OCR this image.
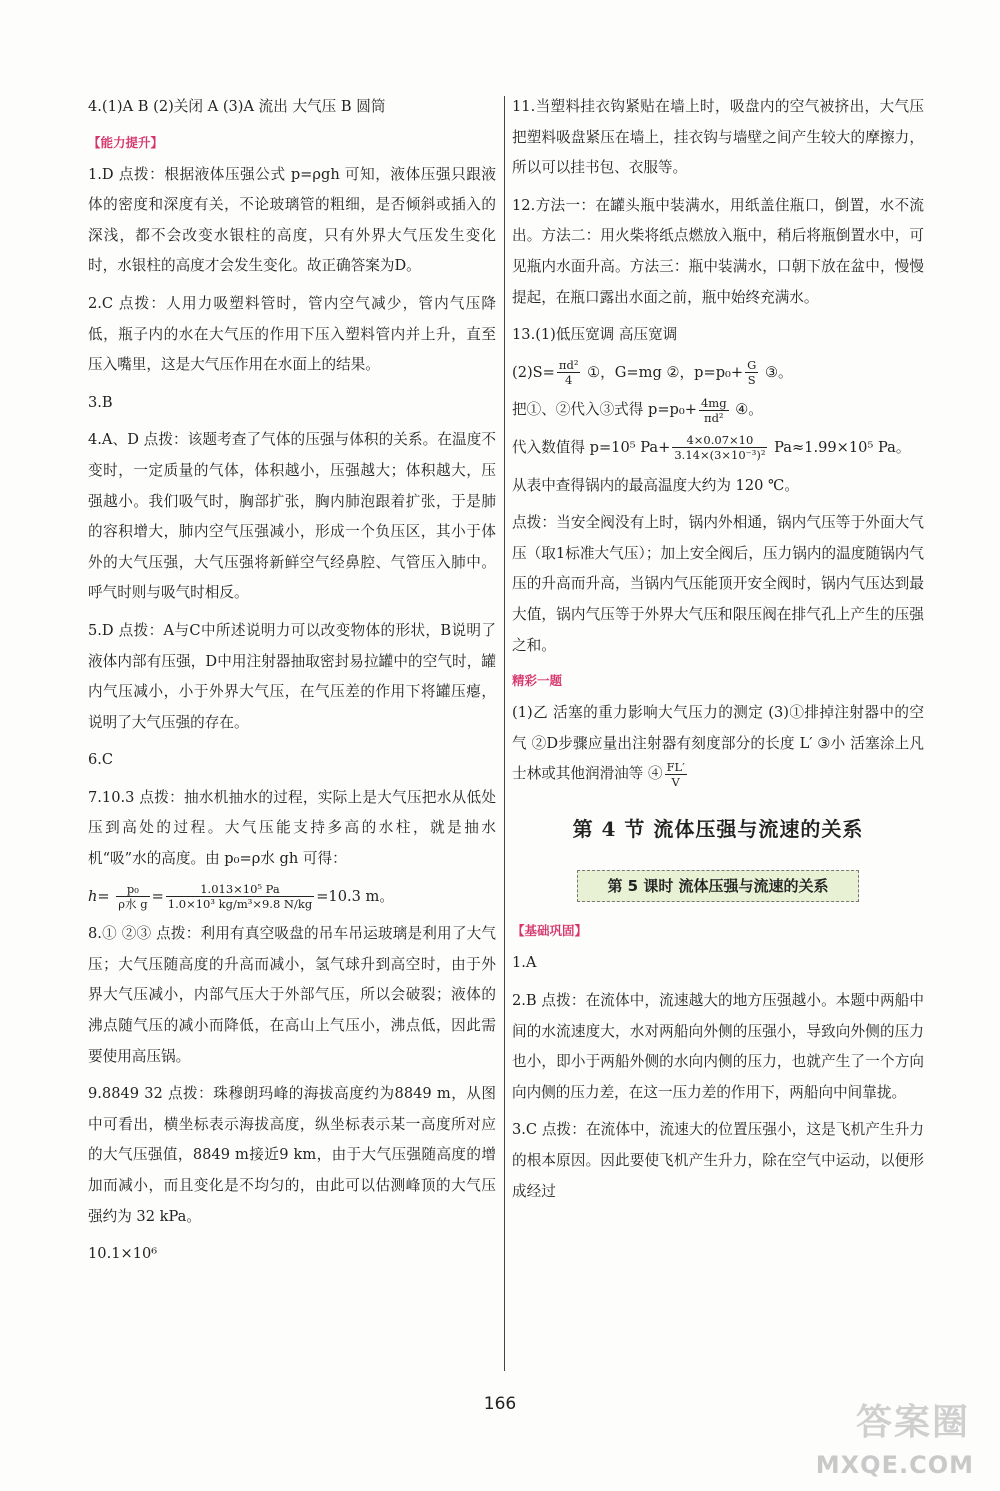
4.(1)A B (2)关闭 A (3)A 流出 大气压 B 圆筒

【能力提升】

1.D 点拨：根据液体压强公式 p=ρgh 可知，液体压强只跟液体的密度和深度有关，不论玻璃管的粗细，是否倾斜或插入的深浅，都不会改变水银柱的高度，只有外界大气压发生变化时，水银柱的高度才会发生变化。故正确答案为D。

2.C 点拨：人用力吸塑料管时，管内空气减少，管内气压降低，瓶子内的水在大气压的作用下压入塑料管内并上升，直至压入嘴里，这是大气压作用在水面上的结果。

3.B

4.A、D 点拨：该题考查了气体的压强与体积的关系。在温度不变时，一定质量的气体，体积越小，压强越大；体积越大，压强越小。我们吸气时，胸部扩张，胸内肺泡跟着扩张，于是肺的容积增大，肺内空气压强减小，形成一个负压区，其小于体外的大气压强，大气压强将新鲜空气经鼻腔、气管压入肺中。呼气时则与吸气时相反。

5.D 点拨：A与C中所述说明力可以改变物体的形状，B说明了液体内部有压强，D中用注射器抽取密封易拉罐中的空气时，罐内气压减小，小于外界大气压，在气压差的作用下将罐压瘪，说明了大气压强的存在。

6.C

7.10.3 点拨：抽水机抽水的过程，实际上是大气压把水从低处压到高处的过程。大气压能支持多高的水柱，就是抽水机“吸”水的高度。由 p₀=ρ水 gh 可得：

$h= \frac{\text{p₀}}{\text{ρ水 g}} = \frac{\text{1.013×10⁵ Pa}}{\text{1.0×10³ kg/m³×9.8 N/kg}} =10.3$ m。

8.① ②③ 点拨：利用有真空吸盘的吊车吊运玻璃是利用了大气压；大气压随高度的升高而减小，氢气球升到高空时，由于外界大气压减小，内部气压大于外部气压，所以会破裂；液体的沸点随气压的减小而降低，在高山上气压小，沸点低，因此需要使用高压锅。

9.8849 32 点拨：珠穆朗玛峰的海拔高度约为8849 m，从图中可看出，横坐标表示海拔高度，纵坐标表示某一高度所对应的大气压强值，8849 m接近9 km，由于大气压强随高度的增加而减小，而且变化是不均匀的，由此可以估测峰顶的大气压强约为 32 kPa。

10.1×10⁶

11.当塑料挂衣钩紧贴在墙上时，吸盘内的空气被挤出，大气压把塑料吸盘紧压在墙上，挂衣钩与墙壁之间产生较大的摩擦力，所以可以挂书包、衣服等。

12.方法一：在罐头瓶中装满水，用纸盖住瓶口，倒置，水不流出。方法二：用火柴将纸点燃放入瓶中，稍后将瓶倒置水中，可见瓶内水面升高。方法三：瓶中装满水，口朝下放在盆中，慢慢提起，在瓶口露出水面之前，瓶中始终充满水。

13.(1)低压宽调 高压宽调

$(2)S= \frac{\text{πd²}}{4}$ ①，G=mg ②，$p=p_0+ \frac{G}{S}$ ③。

把①、②代入③式得 $p=p_0+ \frac{4mg}{\text{πd²}}$ ④。

代入数值得 p=10⁵ $Pa+ \frac{4\times 0.07\times 10}{\text{3.14×(3×10⁻³)²}} Pa\approx 1.99\times 10^5$ Pa。

从表中查得锅内的最高温度大约为 120 ℃。

点拨：当安全阀没有上时，锅内外相通，锅内气压等于外面大气压（取1标准大气压）；加上安全阀后，压力锅内的温度随锅内气压的升高而升高，当锅内气压能顶开安全阀时，锅内气压达到最大值，锅内气压等于外界大气压和限压阀在排气孔上产生的压强之和。

精彩一题

(1)乙 活塞的重力影响大气压力的测定 (3)①排掉注射器中的空气 ②D步骤应量出注射器有刻度部分的长度 L′ ③小 活塞涂上凡士林或其他润滑油等 ④ $\frac{FL'}{V}$

第 4 节 流体压强与流速的关系
第 5 课时 流体压强与流速的关系
【基础巩固】

1.A

2.B 点拨：在流体中，流速越大的地方压强越小。本题中两船中间的水流速度大，水对两船向外侧的压强小，导致向外侧的压力也小，即小于两船外侧的水向内侧的压力，也就产生了一个方向向内侧的压力差，在这一压力差的作用下，两船向中间靠拢。

3.C 点拨：在流体中，流速大的位置压强小，这是飞机产生升力的根本原因。因此要使飞机产生升力，除在空气中运动，以便形成经过

166	答案圈
MXQE.COM
